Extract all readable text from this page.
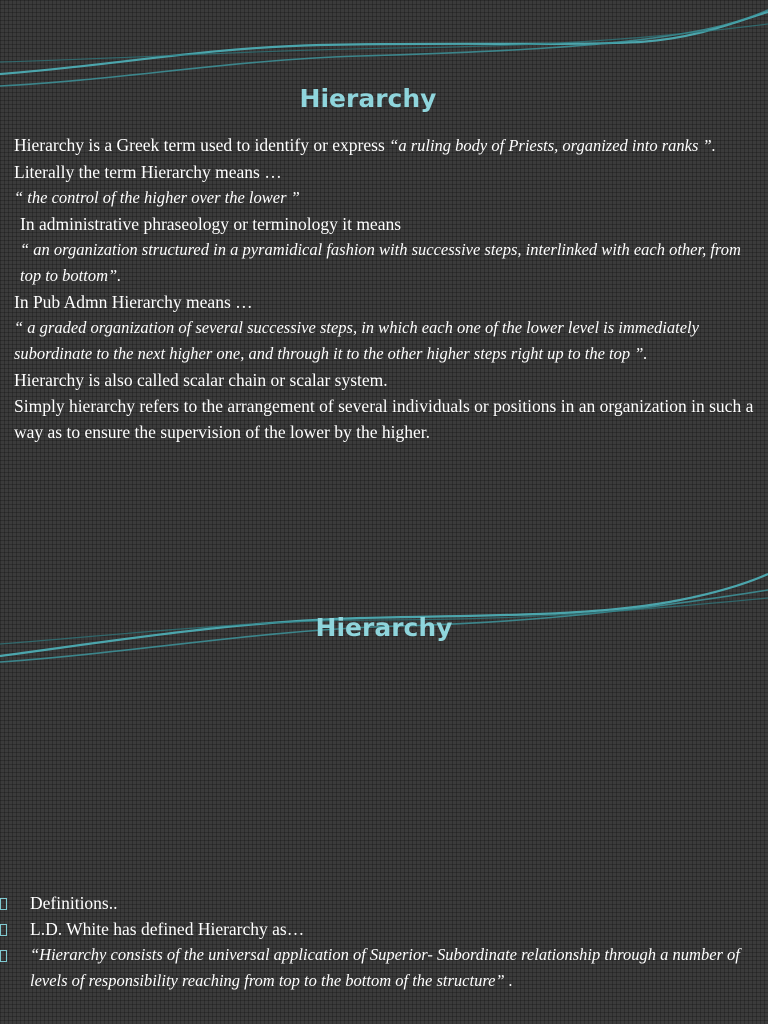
Hierarchy

Hierarchy is a Greek term used to identify or express “a ruling body of Priests, organized into ranks ”.

Literally the term Hierarchy means …

“ the control of the higher over the lower ”

In administrative phraseology or terminology it means

“ an organization structured in a pyramidical fashion with successive steps, interlinked with each other, from top to bottom”.

In Pub Admn Hierarchy means …

“ a graded organization of several successive steps, in which each one of the lower level is immediately subordinate to the next higher one, and through it to the other higher steps right up to the top ”.

Hierarchy is also called scalar chain or scalar system.

Simply hierarchy refers to the arrangement of several individuals or positions in an organization in such a way as to ensure the supervision of the lower by the higher.

Hierarchy
Definitions..
L.D. White has defined Hierarchy as…
“Hierarchy consists of the universal application of Superior- Subordinate relationship through a number of levels of responsibility reaching from top to the bottom of the structure” .
